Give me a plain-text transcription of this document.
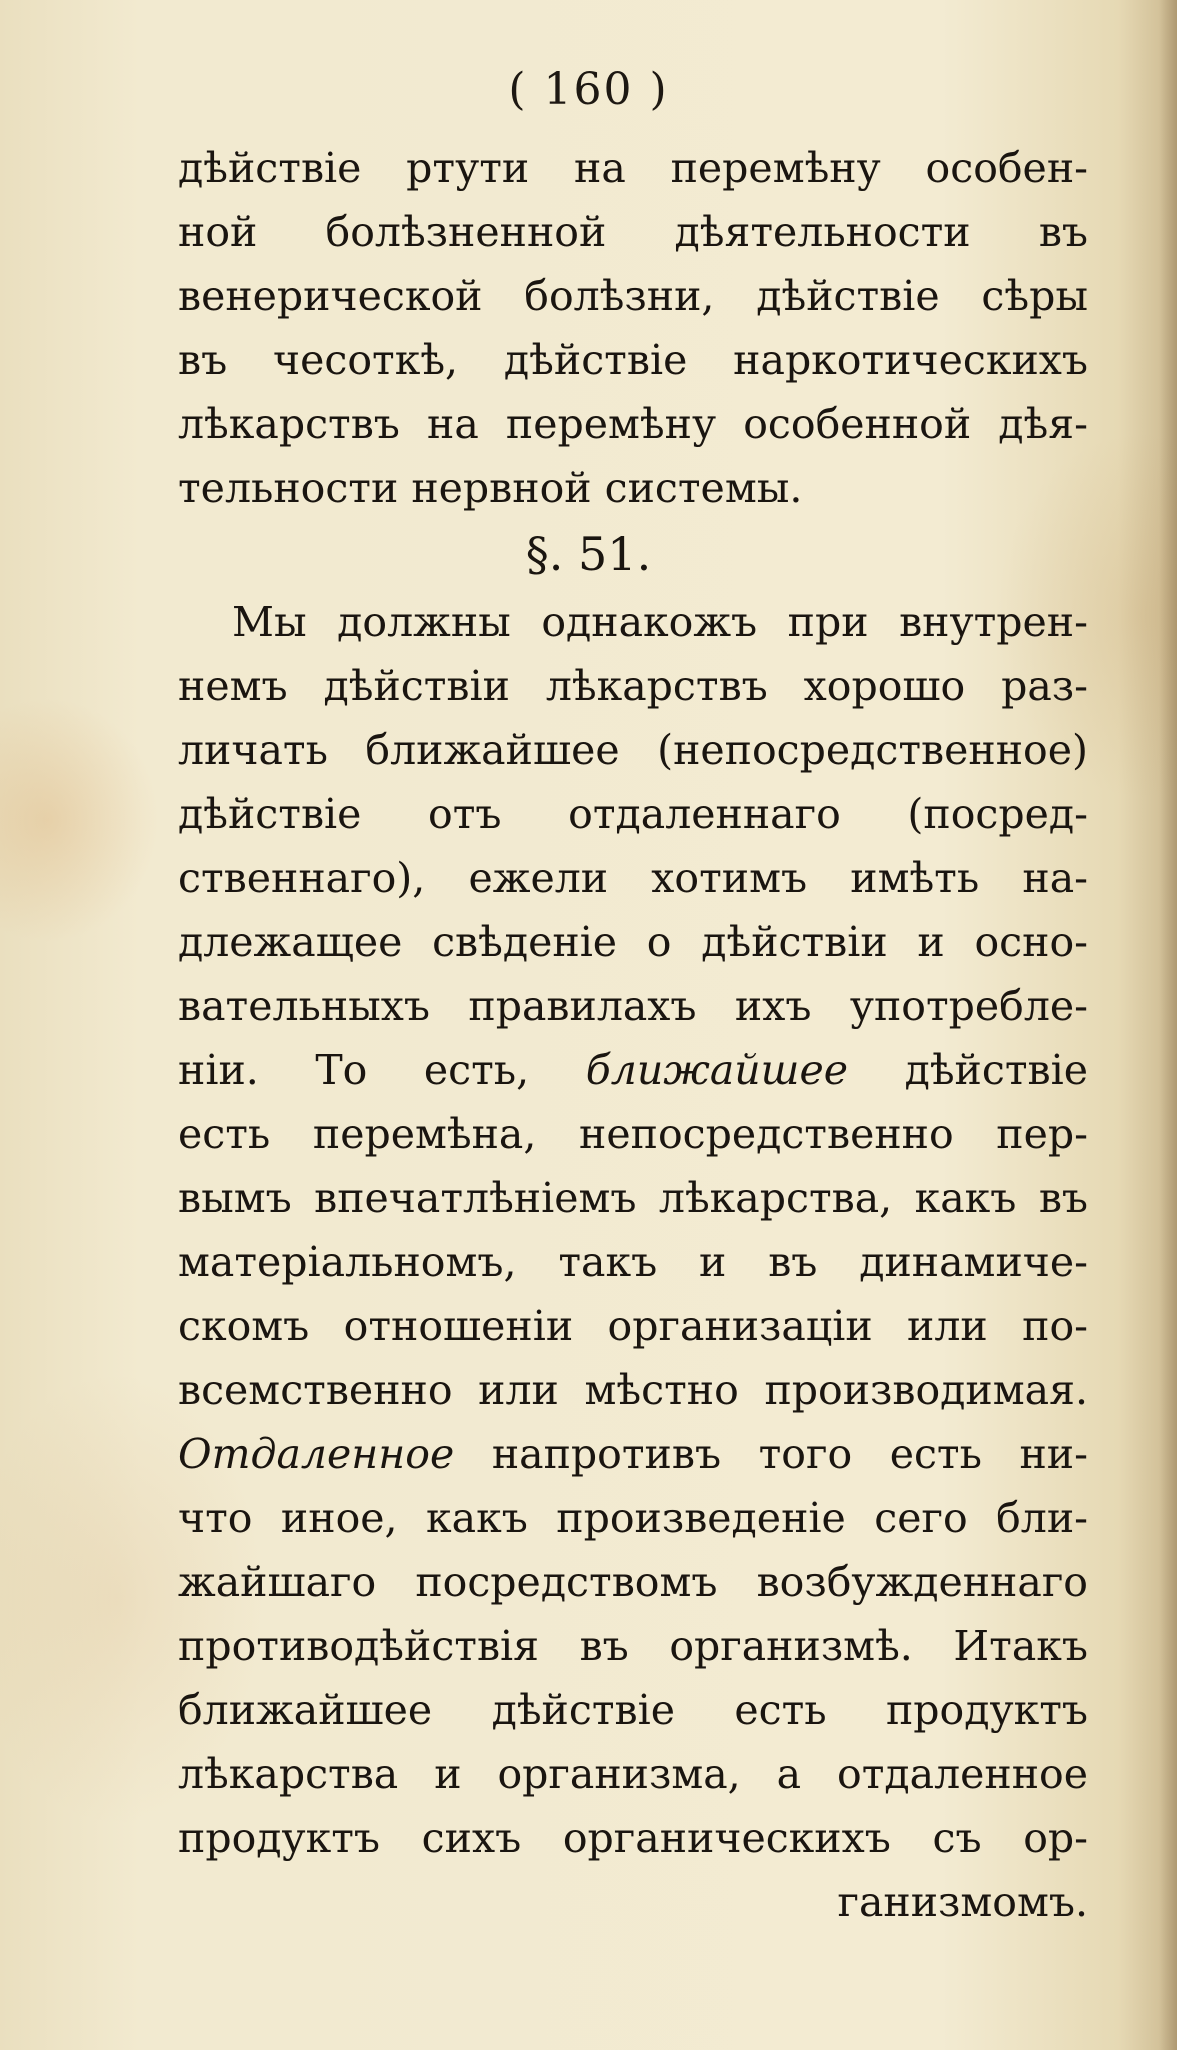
( 160 )
дѣйствіе ртути на перемѣну особен-
ной болѣзненной дѣятельности въ
венерической болѣзни, дѣйствіе сѣры
въ чесоткѣ, дѣйствіе наркотическихъ
лѣкарствъ на перемѣну особенной дѣя-
тельности нервной системы.
§. 51.
Мы должны однакожъ при внутрен-
немъ дѣйствіи лѣкарствъ хорошо раз-
личать ближайшее (непосредственное)
дѣйствіе отъ отдаленнаго (посред-
ственнаго), ежели хотимъ имѣть на-
длежащее свѣденіе о дѣйствіи и осно-
вательныхъ правилахъ ихъ употребле-
ніи. То есть, ближайшее дѣйствіе
есть перемѣна, непосредственно пер-
вымъ впечатлѣніемъ лѣкарства, какъ въ
матеріальномъ, такъ и въ динамиче-
скомъ отношеніи организаціи или по-
всемственно или мѣстно производимая.
Отдаленное напротивъ того есть ни-
что иное, какъ произведеніе сего бли-
жайшаго посредствомъ возбужденнаго
противодѣйствія въ организмѣ. Итакъ
ближайшее дѣйствіе есть продуктъ
лѣкарства и организма, а отдаленное
продуктъ сихъ органическихъ съ ор-
ганизмомъ.
